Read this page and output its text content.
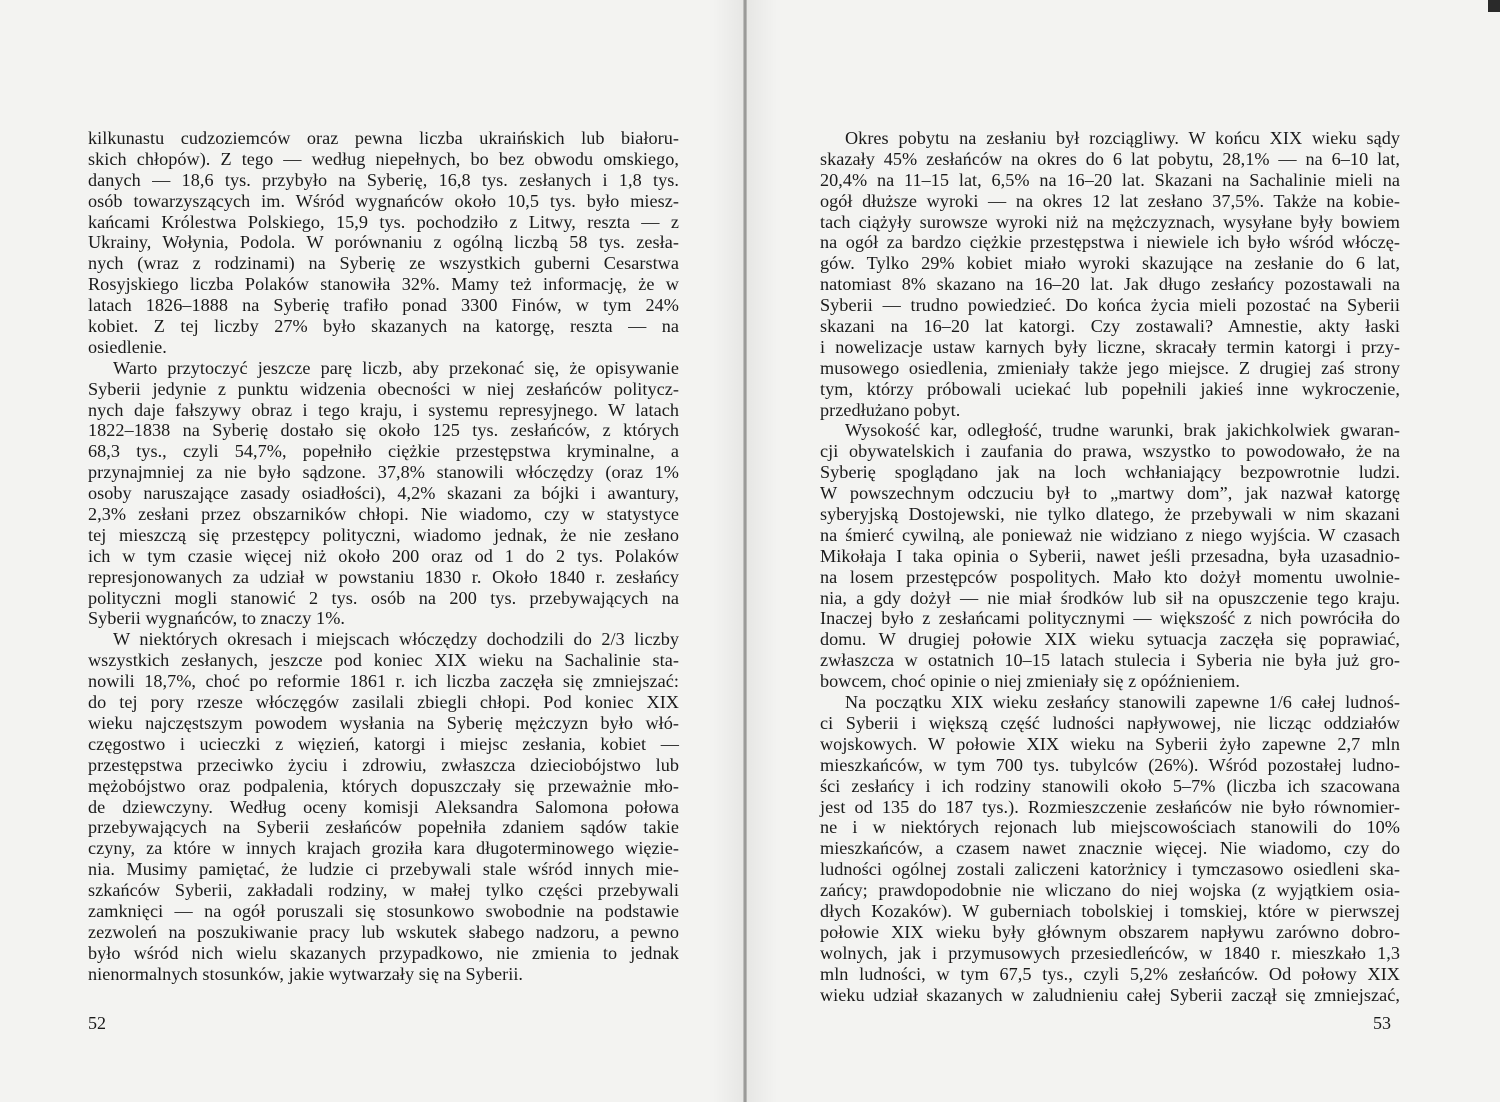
kilkunastu cudzoziemców oraz pewna liczba ukraińskich lub białoru-
skich chłopów). Z tego — według niepełnych, bo bez obwodu omskiego,
danych — 18,6 tys. przybyło na Syberię, 16,8 tys. zesłanych i 1,8 tys.
osób towarzyszących im. Wśród wygnańców około 10,5 tys. było miesz-
kańcami Królestwa Polskiego, 15,9 tys. pochodziło z Litwy, reszta — z
Ukrainy, Wołynia, Podola. W porównaniu z ogólną liczbą 58 tys. zesła-
nych (wraz z rodzinami) na Syberię ze wszystkich guberni Cesarstwa
Rosyjskiego liczba Polaków stanowiła 32%. Mamy też informację, że w
latach 1826–1888 na Syberię trafiło ponad 3300 Finów, w tym 24%
kobiet. Z tej liczby 27% było skazanych na katorgę, reszta — na
osiedlenie.
Warto przytoczyć jeszcze parę liczb, aby przekonać się, że opisywanie
Syberii jedynie z punktu widzenia obecności w niej zesłańców politycz-
nych daje fałszywy obraz i tego kraju, i systemu represyjnego. W latach
1822–1838 na Syberię dostało się około 125 tys. zesłańców, z których
68,3 tys., czyli 54,7%, popełniło ciężkie przestępstwa kryminalne, a
przynajmniej za nie było sądzone. 37,8% stanowili włóczędzy (oraz 1%
osoby naruszające zasady osiadłości), 4,2% skazani za bójki i awantury,
2,3% zesłani przez obszarników chłopi. Nie wiadomo, czy w statystyce
tej mieszczą się przestępcy polityczni, wiadomo jednak, że nie zesłano
ich w tym czasie więcej niż około 200 oraz od 1 do 2 tys. Polaków
represjonowanych za udział w powstaniu 1830 r. Około 1840 r. zesłańcy
polityczni mogli stanowić 2 tys. osób na 200 tys. przebywających na
Syberii wygnańców, to znaczy 1%.
W niektórych okresach i miejscach włóczędzy dochodzili do 2/3 liczby
wszystkich zesłanych, jeszcze pod koniec XIX wieku na Sachalinie sta-
nowili 18,7%, choć po reformie 1861 r. ich liczba zaczęła się zmniejszać:
do tej pory rzesze włóczęgów zasilali zbiegli chłopi. Pod koniec XIX
wieku najczęstszym powodem wysłania na Syberię mężczyzn było włó-
częgostwo i ucieczki z więzień, katorgi i miejsc zesłania, kobiet —
przestępstwa przeciwko życiu i zdrowiu, zwłaszcza dzieciobójstwo lub
mężobójstwo oraz podpalenia, których dopuszczały się przeważnie mło-
de dziewczyny. Według oceny komisji Aleksandra Salomona połowa
przebywających na Syberii zesłańców popełniła zdaniem sądów takie
czyny, za które w innych krajach groziła kara długoterminowego więzie-
nia. Musimy pamiętać, że ludzie ci przebywali stale wśród innych mie-
szkańców Syberii, zakładali rodziny, w małej tylko części przebywali
zamknięci — na ogół poruszali się stosunkowo swobodnie na podstawie
zezwoleń na poszukiwanie pracy lub wskutek słabego nadzoru, a pewno
było wśród nich wielu skazanych przypadkowo, nie zmienia to jednak
nienormalnych stosunków, jakie wytwarzały się na Syberii.
52
Okres pobytu na zesłaniu był rozciągliwy. W końcu XIX wieku sądy
skazały 45% zesłańców na okres do 6 lat pobytu, 28,1% — na 6–10 lat,
20,4% na 11–15 lat, 6,5% na 16–20 lat. Skazani na Sachalinie mieli na
ogół dłuższe wyroki — na okres 12 lat zesłano 37,5%. Także na kobie-
tach ciążyły surowsze wyroki niż na mężczyznach, wysyłane były bowiem
na ogół za bardzo ciężkie przestępstwa i niewiele ich było wśród włóczę-
gów. Tylko 29% kobiet miało wyroki skazujące na zesłanie do 6 lat,
natomiast 8% skazano na 16–20 lat. Jak długo zesłańcy pozostawali na
Syberii — trudno powiedzieć. Do końca życia mieli pozostać na Syberii
skazani na 16–20 lat katorgi. Czy zostawali? Amnestie, akty łaski
i nowelizacje ustaw karnych były liczne, skracały termin katorgi i przy-
musowego osiedlenia, zmieniały także jego miejsce. Z drugiej zaś strony
tym, którzy próbowali uciekać lub popełnili jakieś inne wykroczenie,
przedłużano pobyt.
Wysokość kar, odległość, trudne warunki, brak jakichkolwiek gwaran-
cji obywatelskich i zaufania do prawa, wszystko to powodowało, że na
Syberię spoglądano jak na loch wchłaniający bezpowrotnie ludzi.
W powszechnym odczuciu był to „martwy dom”, jak nazwał katorgę
syberyjską Dostojewski, nie tylko dlatego, że przebywali w nim skazani
na śmierć cywilną, ale ponieważ nie widziano z niego wyjścia. W czasach
Mikołaja I taka opinia o Syberii, nawet jeśli przesadna, była uzasadnio-
na losem przestępców pospolitych. Mało kto dożył momentu uwolnie-
nia, a gdy dożył — nie miał środków lub sił na opuszczenie tego kraju.
Inaczej było z zesłańcami politycznymi — większość z nich powróciła do
domu. W drugiej połowie XIX wieku sytuacja zaczęła się poprawiać,
zwłaszcza w ostatnich 10–15 latach stulecia i Syberia nie była już gro-
bowcem, choć opinie o niej zmieniały się z opóźnieniem.
Na początku XIX wieku zesłańcy stanowili zapewne 1/6 całej ludnoś-
ci Syberii i większą część ludności napływowej, nie licząc oddziałów
wojskowych. W połowie XIX wieku na Syberii żyło zapewne 2,7 mln
mieszkańców, w tym 700 tys. tubylców (26%). Wśród pozostałej ludno-
ści zesłańcy i ich rodziny stanowili około 5–7% (liczba ich szacowana
jest od 135 do 187 tys.). Rozmieszczenie zesłańców nie było równomier-
ne i w niektórych rejonach lub miejscowościach stanowili do 10%
mieszkańców, a czasem nawet znacznie więcej. Nie wiadomo, czy do
ludności ogólnej zostali zaliczeni katorżnicy i tymczasowo osiedleni ska-
zańcy; prawdopodobnie nie wliczano do niej wojska (z wyjątkiem osia-
dłych Kozaków). W guberniach tobolskiej i tomskiej, które w pierwszej
połowie XIX wieku były głównym obszarem napływu zarówno dobro-
wolnych, jak i przymusowych przesiedleńców, w 1840 r. mieszkało 1,3
mln ludności, w tym 67,5 tys., czyli 5,2% zesłańców. Od połowy XIX
wieku udział skazanych w zaludnieniu całej Syberii zaczął się zmniejszać,
53
